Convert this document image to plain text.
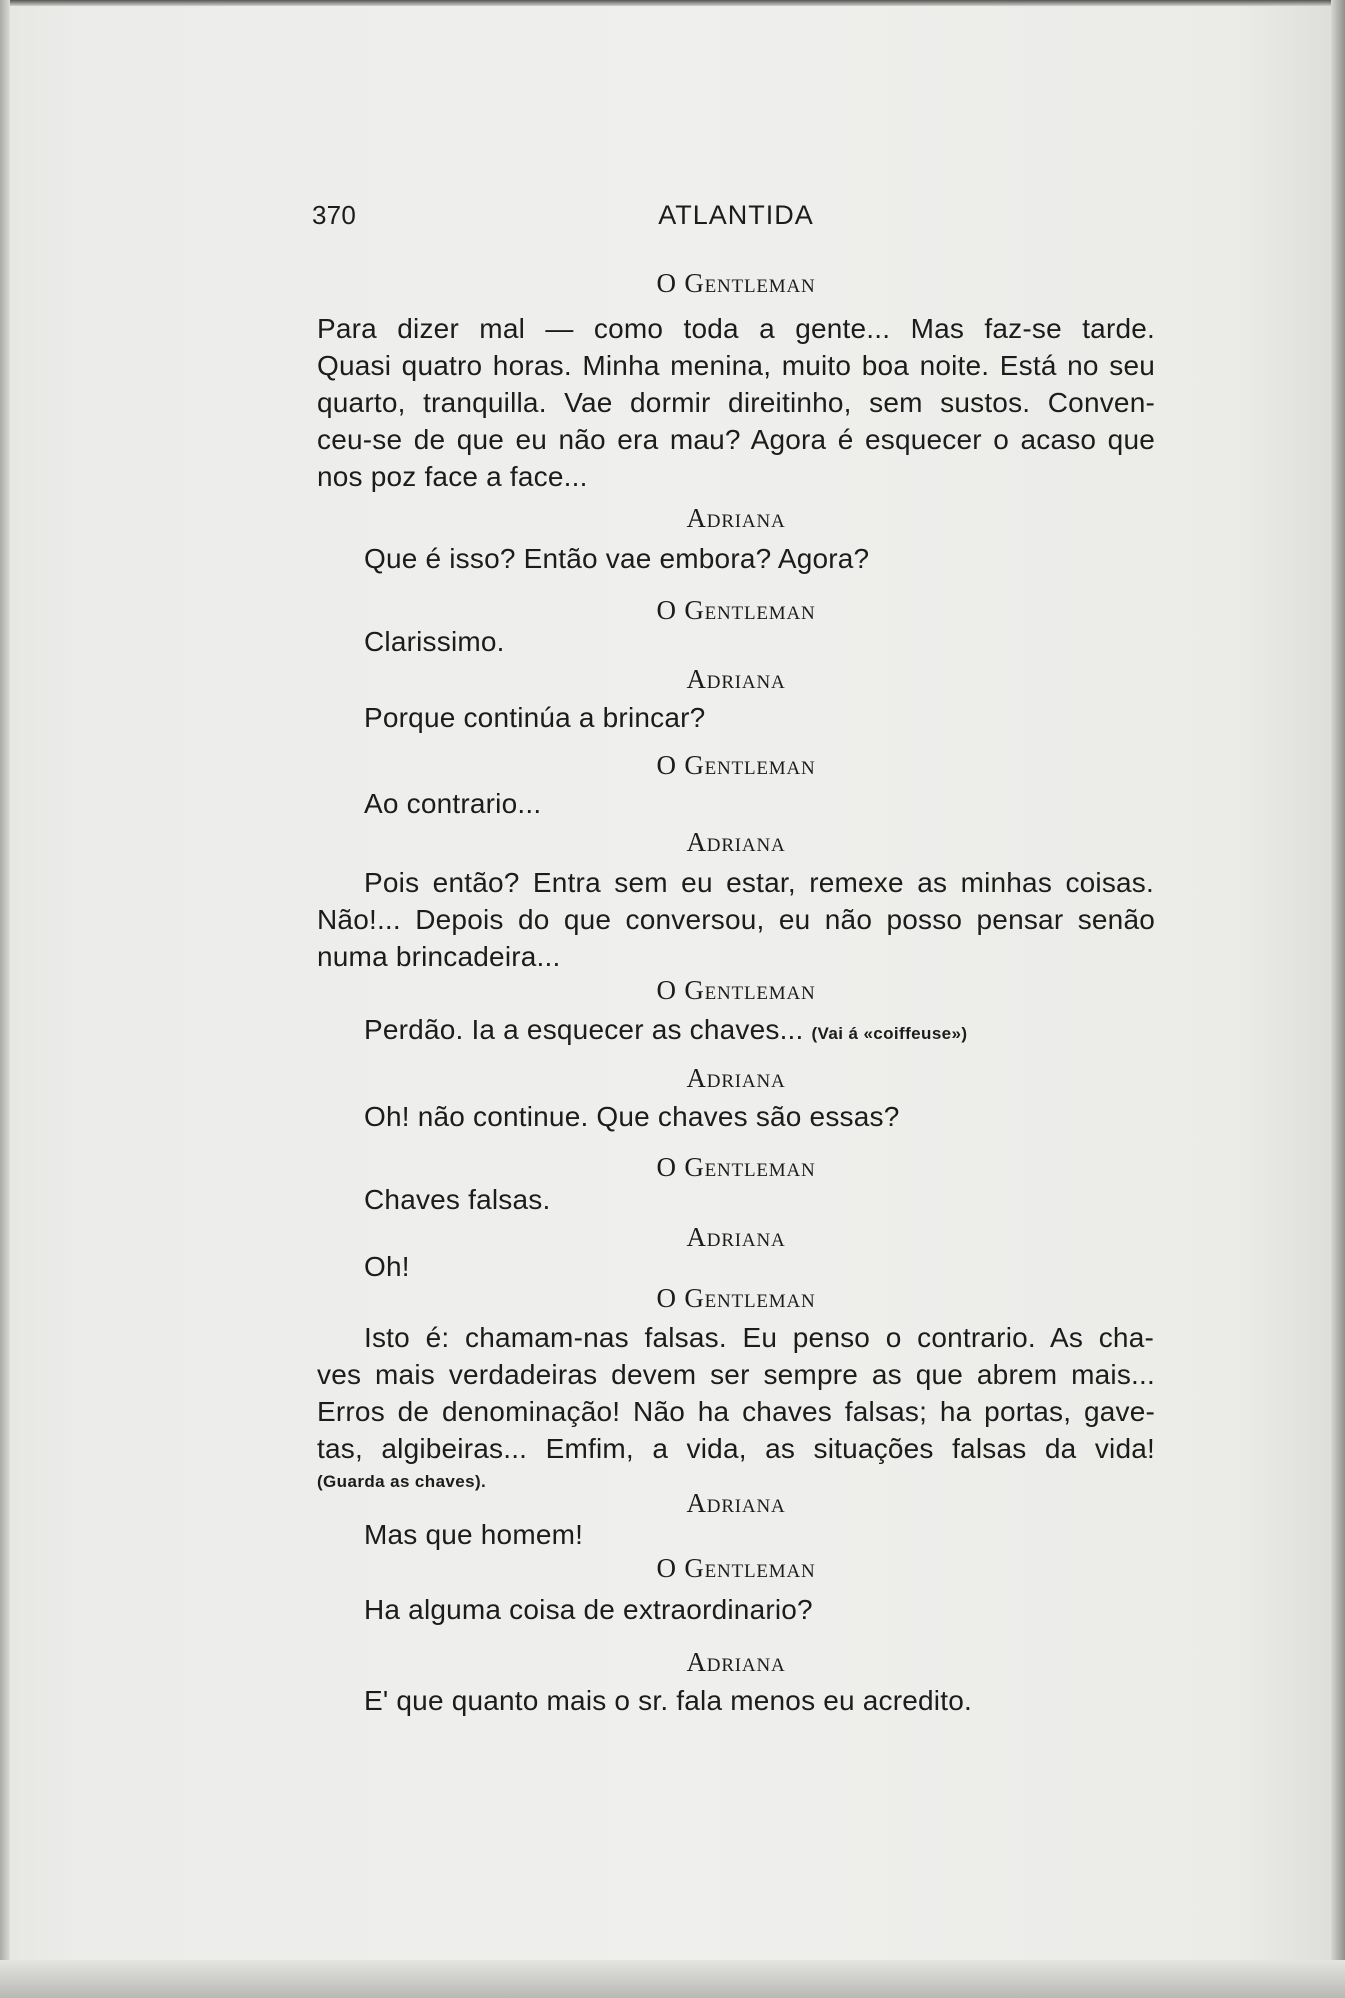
370	ATLANTIDA
O Gentleman
Para dizer mal — como toda a gente... Mas faz-se tarde.
Quasi quatro horas. Minha menina, muito boa noite. Está no seu
quarto, tranquilla. Vae dormir direitinho, sem sustos. Conven-
ceu-se de que eu não era mau? Agora é esquecer o acaso que
nos poz face a face...
Adriana
Que é isso? Então vae embora? Agora?
O Gentleman
Clarissimo.
Adriana
Porque continúa a brincar?
O Gentleman
Ao contrario...
Adriana
Pois então? Entra sem eu estar, remexe as minhas coisas.
Não!... Depois do que conversou, eu não posso pensar senão
numa brincadeira...
O Gentleman
Perdão. Ia a esquecer as chaves... (Vai á «coiffeuse»)
Adriana
Oh! não continue. Que chaves são essas?
O Gentleman
Chaves falsas.
Adriana
Oh!
O Gentleman
Isto é: chamam-nas falsas. Eu penso o contrario. As cha-
ves mais verdadeiras devem ser sempre as que abrem mais...
Erros de denominação! Não ha chaves falsas; ha portas, gave-
tas, algibeiras... Emfim, a vida, as situações falsas da vida!
(Guarda as chaves).
Adriana
Mas que homem!
O Gentleman
Ha alguma coisa de extraordinario?
Adriana
E' que quanto mais o sr. fala menos eu acredito.
